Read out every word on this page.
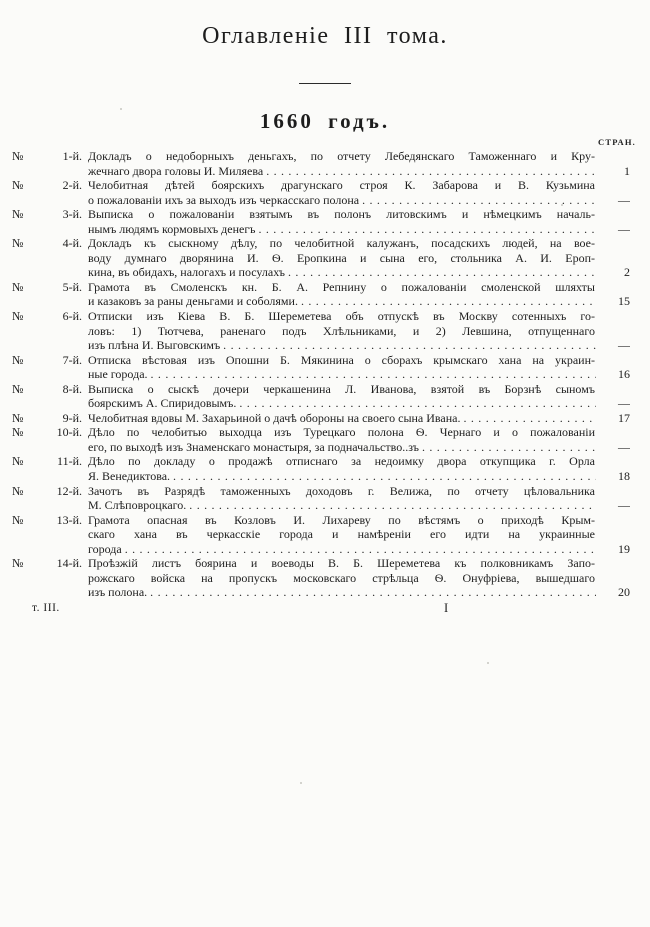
Оглавленіе III тома.
1660 годъ.
СТРАН.
№	1-й. Докладъ о недоборныхъ деньгахъ, по отчету Лебедянскаго Таможеннаго и Кру-
жечнаго двора головы И. Миляева .....	1
№	2-й. Челобитная дѣтей боярскихъ драгунскаго строя К. Забарова и В. Кузьмина
о пожалованіи ихъ за выходъ изъ черкасскаго полона .....	—
№	3-й. Выписка о пожалованіи взятымъ въ полонъ литовскимъ и нѣмецкимъ началь-
нымъ людямъ кормовыхъ денегъ .....	—
№	4-й. Докладъ къ сыскному дѣлу, по челобитной калужанъ, посадскихъ людей, на вое-
воду думнаго дворянина И. Ѳ. Еропкина и сына его, стольника А. И. Ероп-
кина, въ обидахъ, налогахъ и посулахъ .....	2
№	5-й. Грамота въ Смоленскъ кн. Б. А. Репнину о пожалованіи смоленской шляхты
и казаковъ за раны деньгами и соболями. .....	15
№	6-й. Отписки изъ Кіева В. Б. Шереметева объ отпускѣ въ Москву сотенныхъ го-
ловъ: 1) Тютчева, раненаго подъ Хлѣльниками, и 2) Левшина, отпущеннаго
изъ плѣна И. Выговскимъ .....	—
№	7-й. Отписка вѣстовая изъ Опошни Б. Мякинина о сборахъ крымскаго хана на украин-
ные города. .....	16
№	8-й. Выписка о сыскѣ дочери черкашенина Л. Иванова, взятой въ Борзнѣ сыномъ
боярскимъ А. Спиридовымъ. .....	—
№	9-й. Челобитная вдовы М. Захарьиной о дачѣ обороны на своего сына Ивана. .....	17
№	10-й. Дѣло по челобитью выходца изъ Турецкаго полона Ѳ. Чернаго и о пожалованіи
его, по выходѣ изъ Знаменскаго монастыря, за подначальство..зъ .....	—
№	11-й. Дѣло по докладу о продажѣ отписнаго за недоимку двора откупщика г. Орла
Я. Венедиктова. .....	18
№	12-й. Зачотъ въ Разрядѣ таможенныхъ доходовъ г. Велижа, по отчету цѣловальника
М. Слѣповроцкаго. .....	—
№	13-й. Грамота опасная въ Козловъ И. Лихареву по вѣстямъ о приходѣ Крым-
скаго хана въ черкасскіе города и намѣреніи его идти на украинные
города .....	19
№	14-й. Проѣзжій листъ боярина и воеводы В. Б. Шереметева къ полковникамъ Запо-
рожскаго войска на пропускъ московскаго стрѣльца Ѳ. Онуфріева, вышедшаго
изъ полона. .....	20
т. III.	I
